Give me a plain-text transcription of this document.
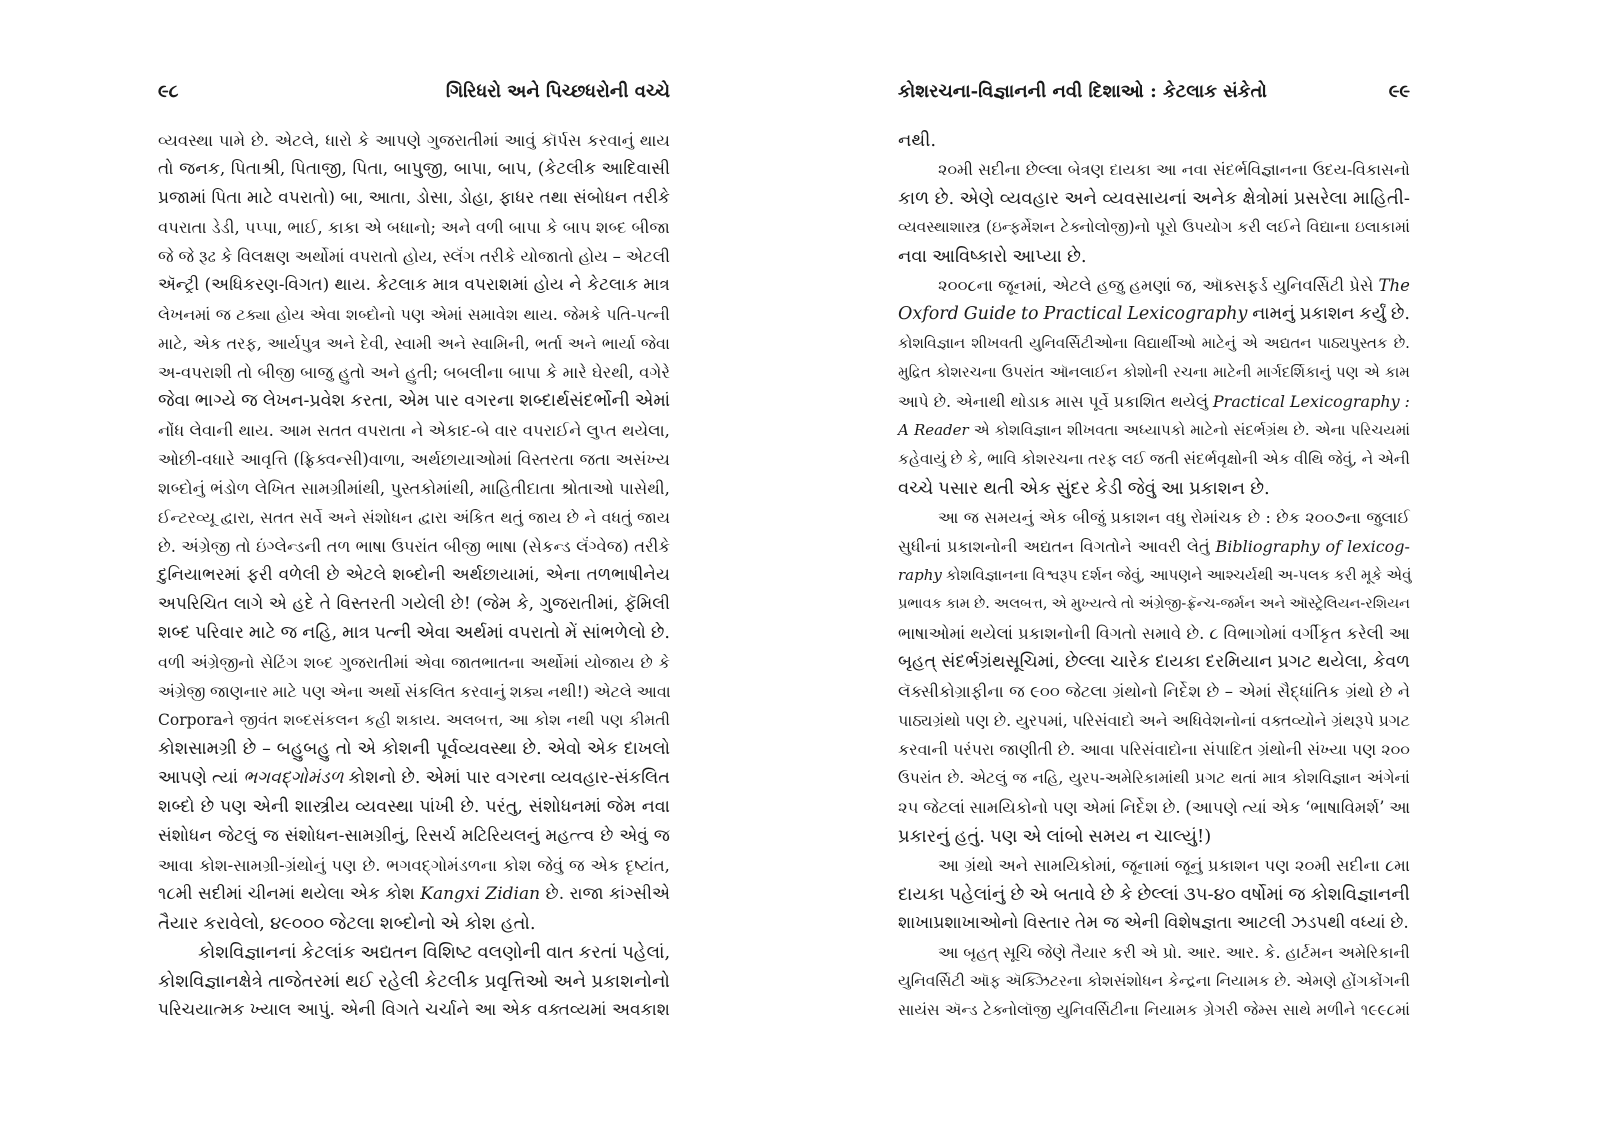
૯૮	ગિરિધરો અને પિચ્છધરોની વચ્ચે	કોશરચના-વિજ્ઞાનની નવી દિશાઓ : કેટલાક સંકેતો	૯૯
વ્યવસ્થા પામે છે. એટલે, ધારો કે આપણે ગુજરાતીમાં આવું કૉર્પસ કરવાનું થાય
તો જનક, પિતાશ્રી, પિતાજી, પિતા, બાપુજી, બાપા, બાપ, (કેટલીક આદિવાસી
પ્રજામાં પિતા માટે વપરાતો) બા, આતા, ડોસા, ડોહા, ફાધર તથા સંબોધન તરીકે
વપરાતા ડેડી, પપ્પા, ભાઈ, કાકા એ બધાનો; અને વળી બાપા કે બાપ શબ્દ બીજા
જે જે રૂઢ કે વિલક્ષણ અર્થોમાં વપરાતો હોય, સ્લૅંગ તરીકે યોજાતો હોય – એટલી
ઍન્ટ્રી (અધિકરણ-વિગત) થાય. કેટલાક માત્ર વપરાશમાં હોય ને કેટલાક માત્ર
લેખનમાં જ ટક્યા હોય એવા શબ્દોનો પણ એમાં સમાવેશ થાય. જેમકે પતિ-પત્ની
માટે, એક તરફ, આર્યપુત્ર અને દેવી, સ્વામી અને સ્વામિની, ભર્તા અને ભાર્યા જેવા
અ-વપરાશી તો બીજી બાજુ હુતો અને હુતી; બબલીના બાપા કે મારે ઘેરથી, વગેરે
જેવા ભાગ્યે જ લેખન-પ્રવેશ કરતા, એમ પાર વગરના શબ્દાર્થસંદર્ભોની એમાં
નોંધ લેવાની થાય. આમ સતત વપરાતા ને એકાદ-બે વાર વપરાઈને લુપ્ત થયેલા,
ઓછી-વધારે આવૃત્તિ (ફ્રિક્વન્સી)વાળા, અર્થછાયાઓમાં વિસ્તરતા જતા અસંખ્ય
શબ્દોનું ભંડોળ લેખિત સામગ્રીમાંથી, પુસ્તકોમાંથી, માહિતીદાતા શ્રોતાઓ પાસેથી,
ઈન્ટરવ્યૂ દ્વારા, સતત સર્વે અને સંશોધન દ્વારા અંકિત થતું જાય છે ને વધતું જાય
છે. અંગ્રેજી તો ઇંગ્લેન્ડની તળ ભાષા ઉપરાંત બીજી ભાષા (સેકન્ડ લૅંગ્વેજ) તરીકે
દુનિયાભરમાં ફરી વળેલી છે એટલે શબ્દોની અર્થછાયામાં, એના તળભાષીનેય
અપરિચિત લાગે એ હદે તે વિસ્તરતી ગયેલી છે! (જેમ કે, ગુજરાતીમાં, ફૅમિલી
શબ્દ પરિવાર માટે જ નહિ, માત્ર પત્ની એવા અર્થમાં વપરાતો મેં સાંભળેલો છે.
વળી અંગ્રેજીનો સેટિંગ શબ્દ ગુજરાતીમાં એવા જાતભાતના અર્થોમાં યોજાય છે કે
અંગ્રેજી જાણનાર માટે પણ એના અર્થો સંકલિત કરવાનું શક્ય નથી!) એટલે આવા
Corporaને જીવંત શબ્દસંકલન કહી શકાય. અલબત્ત, આ કોશ નથી પણ કીમતી
કોશસામગ્રી છે – બહુબહુ તો એ કોશની પૂર્વવ્યવસ્થા છે. એવો એક દાખલો
આપણે ત્યાં ભગવદ્ગોમંડળ કોશનો છે. એમાં પાર વગરના વ્યવહાર-સંકલિત
શબ્દો છે પણ એની શાસ્ત્રીય વ્યવસ્થા પાંખી છે. પરંતુ, સંશોધનમાં જેમ નવા
સંશોધન જેટલું જ સંશોધન-સામગ્રીનું, રિસર્ચ મટિરિયલનું મહત્ત્વ છે એવું જ
આવા કોશ-સામગ્રી-ગ્રંથોનું પણ છે. ભગવદ્ગોમંડળના કોશ જેવું જ એક દૃષ્ટાંત,
૧૮મી સદીમાં ચીનમાં થયેલા એક કોશ Kangxi Zidian છે. રાજા કાંગ્સીએ
તૈયાર કરાવેલો, ૪૯૦૦૦ જેટલા શબ્દોનો એ કોશ હતો.
કોશવિજ્ઞાનનાં કેટલાંક અદ્યતન વિશિષ્ટ વલણોની વાત કરતાં પહેલાં,
કોશવિજ્ઞાનક્ષેત્રે તાજેતરમાં થઈ રહેલી કેટલીક પ્રવૃત્તિઓ અને પ્રકાશનોનો
પરિચયાત્મક ખ્યાલ આપું. એની વિગતે ચર્ચાને આ એક વક્તવ્યમાં અવકાશ
નથી.
૨૦મી સદીના છેલ્લા બેત્રણ દાયકા આ નવા સંદર્ભવિજ્ઞાનના ઉદય-વિકાસનો
કાળ છે. એણે વ્યવહાર અને વ્યવસાયનાં અનેક ક્ષેત્રોમાં પ્રસરેલા માહિતી-
વ્યવસ્થાશાસ્ત્ર (ઇન્ફર્મેશન ટેક્નોલોજી)નો પૂરો ઉપયોગ કરી લઈને વિદ્યાના ઇલાકામાં
નવા આવિષ્કારો આપ્યા છે.
૨૦૦૮ના જૂનમાં, એટલે હજુ હમણાં જ, ઑક્સફર્ડ યુનિવર્સિટી પ્રેસે The
Oxford Guide to Practical Lexicography નામનું પ્રકાશન કર્યું છે.
કોશવિજ્ઞાન શીખવતી યુનિવર્સિટીઓના વિદ્યાર્થીઓ માટેનું એ અદ્યતન પાઠ્યપુસ્તક છે.
મુદ્રિત કોશરચના ઉપરાંત ઑનલાઈન કોશોની રચના માટેની માર્ગદર્શિકાનું પણ એ કામ
આપે છે. એનાથી થોડાક માસ પૂર્વે પ્રકાશિત થયેલું Practical Lexicography :
A Reader એ કોશવિજ્ઞાન શીખવતા અધ્યાપકો માટેનો સંદર્ભગ્રંથ છે. એના પરિચયમાં
કહેવાયું છે કે, ભાવિ કોશરચના તરફ લઈ જતી સંદર્ભવૃક્ષોની એક વીથિ જેવું, ને એની
વચ્ચે પસાર થતી એક સુંદર કેડી જેવું આ પ્રકાશન છે.
આ જ સમયનું એક બીજું પ્રકાશન વધુ રોમાંચક છે : છેક ૨૦૦૭ના જુલાઈ
સુધીનાં પ્રકાશનોની અદ્યતન વિગતોને આવરી લેતું Bibliography of lexicog-
raphy કોશવિજ્ઞાનના વિશ્વરૂપ દર્શન જેવું, આપણને આશ્ચર્યથી અ-પલક કરી મૂકે એવું
પ્રભાવક કામ છે. અલબત્ત, એ મુખ્યત્વે તો અંગ્રેજી-ફ્રૅન્ચ-જર્મન અને ઑસ્ટ્રેલિયન-રશિયન
ભાષાઓમાં થયેલાં પ્રકાશનોની વિગતો સમાવે છે. ૮ વિભાગોમાં વર્ગીકૃત કરેલી આ
બૃહત્ સંદર્ભગ્રંથસૂચિમાં, છેલ્લા ચારેક દાયકા દરમિયાન પ્રગટ થયેલા, કેવળ
લૅક્સીકોગ્રાફીના જ ૯૦૦ જેટલા ગ્રંથોનો નિર્દેશ છે – એમાં સૈદ્ધાંતિક ગ્રંથો છે ને
પાઠ્યગ્રંથો પણ છે. યુરપમાં, પરિસંવાદો અને અધિવેશનોનાં વક્તવ્યોને ગ્રંથરૂપે પ્રગટ
કરવાની પરંપરા જાણીતી છે. આવા પરિસંવાદોના સંપાદિત ગ્રંથોની સંખ્યા પણ ૨૦૦
ઉપરાંત છે. એટલું જ નહિ, યુરપ-અમેરિકામાંથી પ્રગટ થતાં માત્ર કોશવિજ્ઞાન અંગેનાં
૨૫ જેટલાં સામયિકોનો પણ એમાં નિર્દેશ છે. (આપણે ત્યાં એક ‘ભાષાવિમર્શ’ આ
પ્રકારનું હતું. પણ એ લાંબો સમય ન ચાલ્યું!)
આ ગ્રંથો અને સામયિકોમાં, જૂનામાં જૂનું પ્રકાશન પણ ૨૦મી સદીના ૮મા
દાયકા પહેલાંનું છે એ બતાવે છે કે છેલ્લાં ૩૫-૪૦ વર્ષોમાં જ કોશવિજ્ઞાનની
શાખાપ્રશાખાઓનો વિસ્તાર તેમ જ એની વિશેષજ્ઞતા આટલી ઝડપથી વધ્યાં છે.
આ બૃહત્ સૂચિ જેણે તૈયાર કરી એ પ્રો. આર. આર. કે. હાર્ટમન અમેરિકાની
યુનિવર્સિટી ઑફ ઍક્ઝિટરના કોશસંશોધન કેન્દ્રના નિયામક છે. એમણે હોંગકોંગની
સાયંસ ઍન્ડ ટેક્નોલૉજી યુનિવર્સિટીના નિયામક ગ્રેગરી જેમ્સ સાથે મળીને ૧૯૯૮માં
